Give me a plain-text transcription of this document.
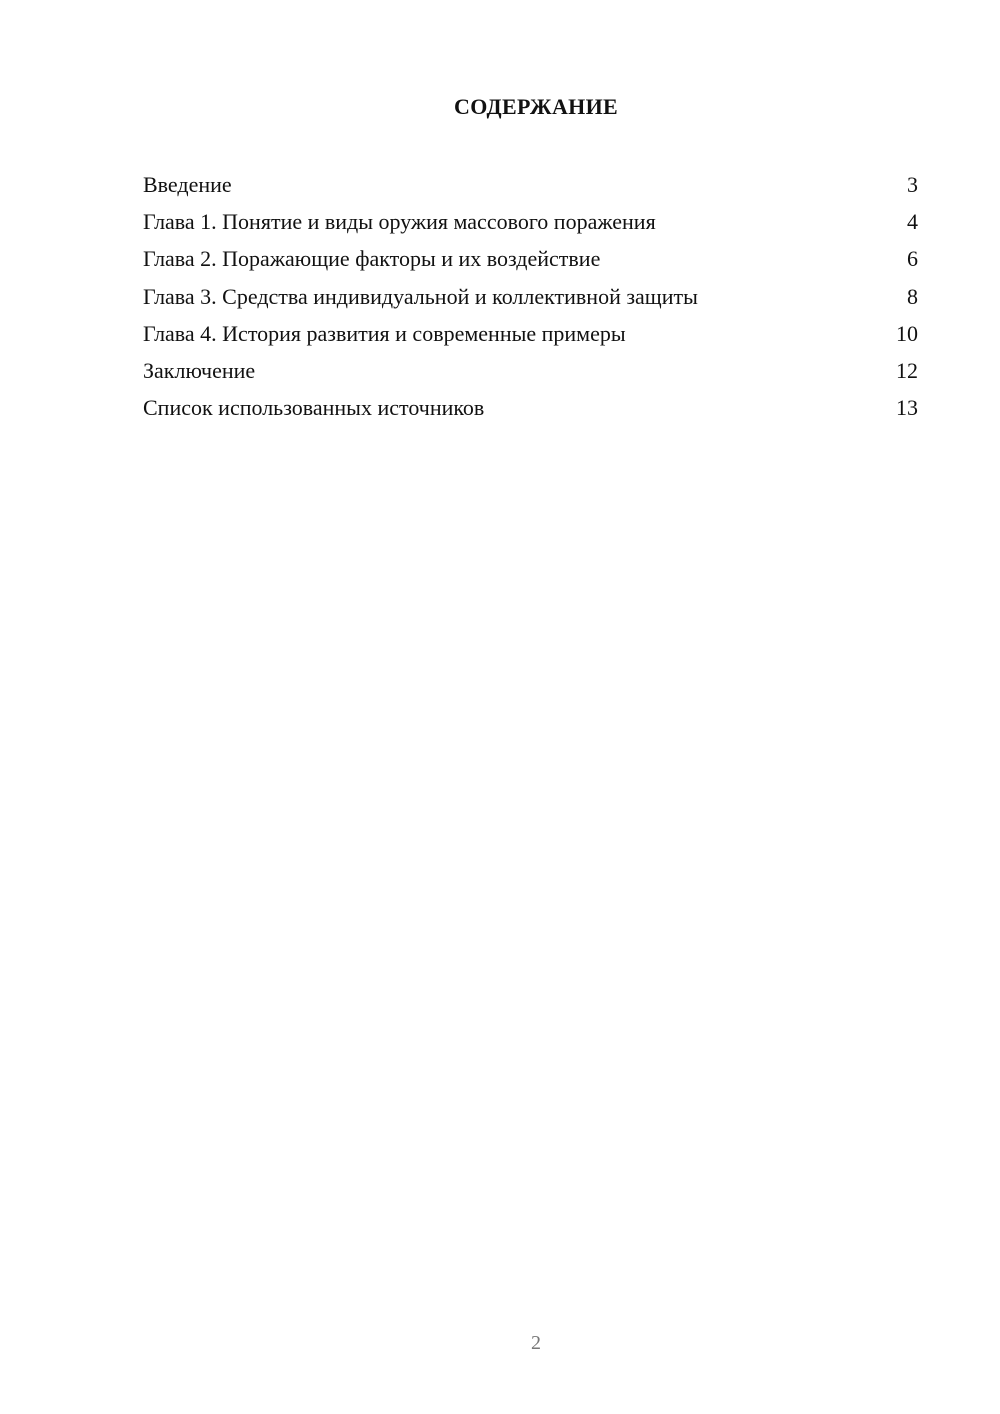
СОДЕРЖАНИЕ
Введение	3
Глава 1. Понятие и виды оружия массового поражения	4
Глава 2. Поражающие факторы и их воздействие	6
Глава 3. Средства индивидуальной и коллективной защиты	8
Глава 4. История развития и современные примеры	10
Заключение	12
Список использованных источников	13
2
